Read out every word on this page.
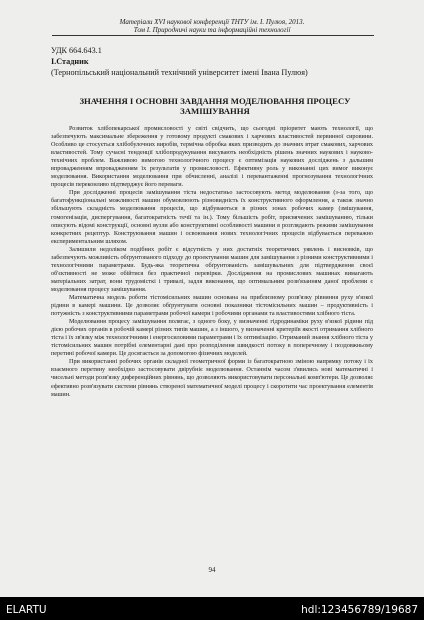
Матеріали XVІ наукової конференції ТНТУ ім. І. Пулюя, 2013.
Том І. Природничі науки та інформаційні технології
УДК 664.643.1
І.Стадник
(Тернопільський національний технічний університет імені Івана Пулюя)
ЗНАЧЕННЯ І ОСНОВНІ ЗАВДАННЯ МОДЕЛЮВАННЯ ПРОЦЕСУ ЗАМІШУВАННЯ

Розвиток хлібопекарської промисловості у світі свідчить, що сьогодні пріоритет мають технології, що забезпечують максимальне збереження у готовому продукті смакових і харчових властивостей первинної сировини. Особливо це стосується хлібобулочних виробів, термічна обробка яких призводить до значних втрат смакових, харчових властивостей. Тому сучасні тенденції хлібопродукування висувають необхідність рішень значних наукових і науково-технічних проблем. Важливою вимогою технологічного процесу є оптимізація наукових досліджень з дальшим впровадженням впровадженням їх результатів у промисловості. Ефективну роль у виконанні цих вимог виконує моделювання. Використання моделювання при обчисленні, аналізі і перевантаженні прогнозування технологічних процесів переконливо підтверджує його переваги.

При дослідженні процесів замішування тіста недостатньо застосовують метод моделювання (з-за того, що багатофункціональні можливості машин обумовлюють різновидність їх конструктивного оформлення, а також значно збільшують складність моделювання процесів, що відбуваються в різних зонах робочих камер (змішування, гомогенізація, диспергування, багатократність течії та ін.). Тому більшість робіт, присвячених замішуванню, тільки описують відомі конструкції, основні вузли або конструктивні особливості машини в розглядають режими замішування конкретних рецептур. Конструювання машин і освоювання нових технологічних процесів відбувається переважно експериментальним шляхом.

Залишили недоліком подібних робіт є відсутність у них достатніх теоретичних уявлень і висновків, що забезпечують можливість обґрунтованого підходу до проектування машин для замішування з різними конструктивними і технологічними параметрами. Будь-яка теоретична обґрунтованість замішувальних для підтвердження своєї об'єктивності не може обійтися без практичної перевірки. Дослідження на промислових машинах вимагають матеріальних затрат, вони трудомісткі і тривалі, задля виконання, що оптимальним розв'язанням даної проблеми є моделювання процесу замішування.

Математична модель роботи тістомісильних машин основана на приблизному розв'язку рівняння руху в'язкої рідини в камері машини. Це дозволяє обґрунтувати основні показники тістомісильних машин – продуктивність і потужність з конструктивними параметрами робочої камери і робочими органами та властивостями хлібного тіста.

Моделювання процесу замішування полягає, з одного боку, у визначенні гідродинаміки руху в'язкої рідини під дією робочих органів в робочій камері різних типів машин, а з іншого, у визначенні критеріїв якості отримання хлібного тіста і їх зв'язку між технологічними і енергосиловими параметрами і їх оптимізацію. Отриманий знання хлібного тіста у тістомісильних машин потрібні елементарні дані про розподілення швидкості потоку в поперечному і поздовжньому перетині робочої камери. Це досягається за допомогою фізичних моделей.

При використанні робочих органів складної геометричної форми із багатократною зміною напрямку потоку і їх взаємного перетину необхідно застосовувати двірубніє моделювання. Останнім часом з'явились нові математичні і чисельні методи розв'язку диференційних рівнянь, що дозволяють використовувати персональні комп'ютери. Це дозволяє ефективно розв'язувати системи рівнянь створеної математичної моделі процесу і скоротити час проектування елементів машин.

94
ELARTU	hdl:123456789/19687
